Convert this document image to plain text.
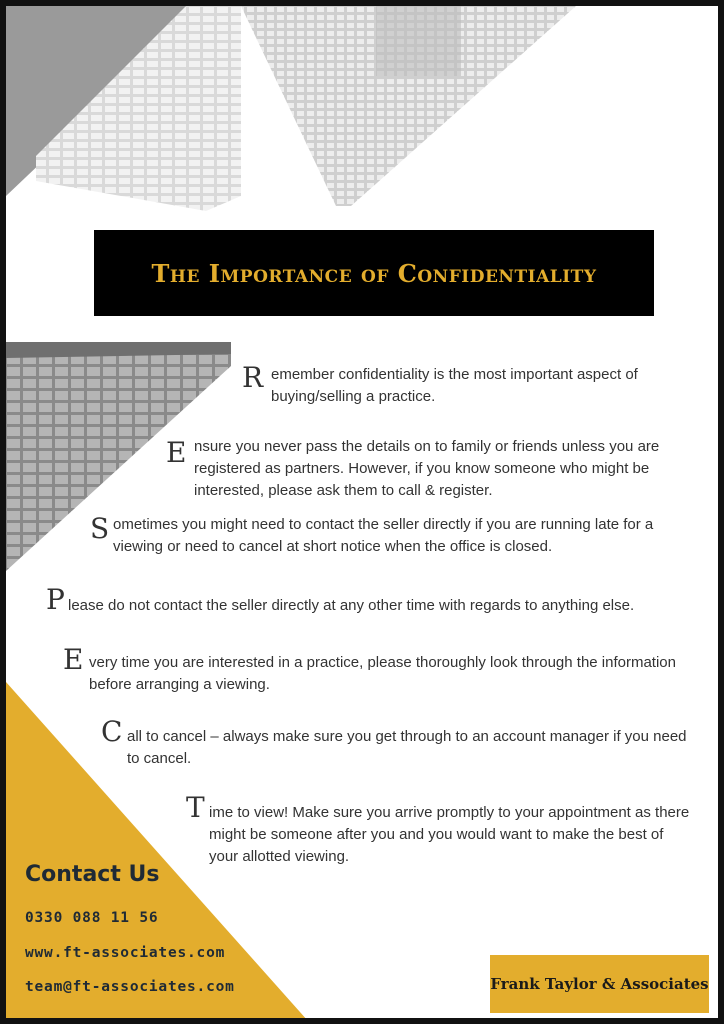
The Importance of Confidentiality
R emember confidentiality is the most important aspect of buying/selling a practice.
E nsure you never pass the details on to family or friends unless you are registered as partners. However, if you know someone who might be interested, please ask them to call & register.
S ometimes you might need to contact the seller directly if you are running late for a viewing or need to cancel at short notice when the office is closed.
P lease do not contact the seller directly at any other time with regards to anything else.
E very time you are interested in a practice, please thoroughly look through the information before arranging a viewing.
C all to cancel – always make sure you get through to an account manager if you need to cancel.
T ime to view! Make sure you arrive promptly to your appointment as there might be someone after you and you would want to make the best of your allotted viewing.
Contact Us
0330 088 11 56
www.ft-associates.com
team@ft-associates.com	Frank Taylor & Associates
